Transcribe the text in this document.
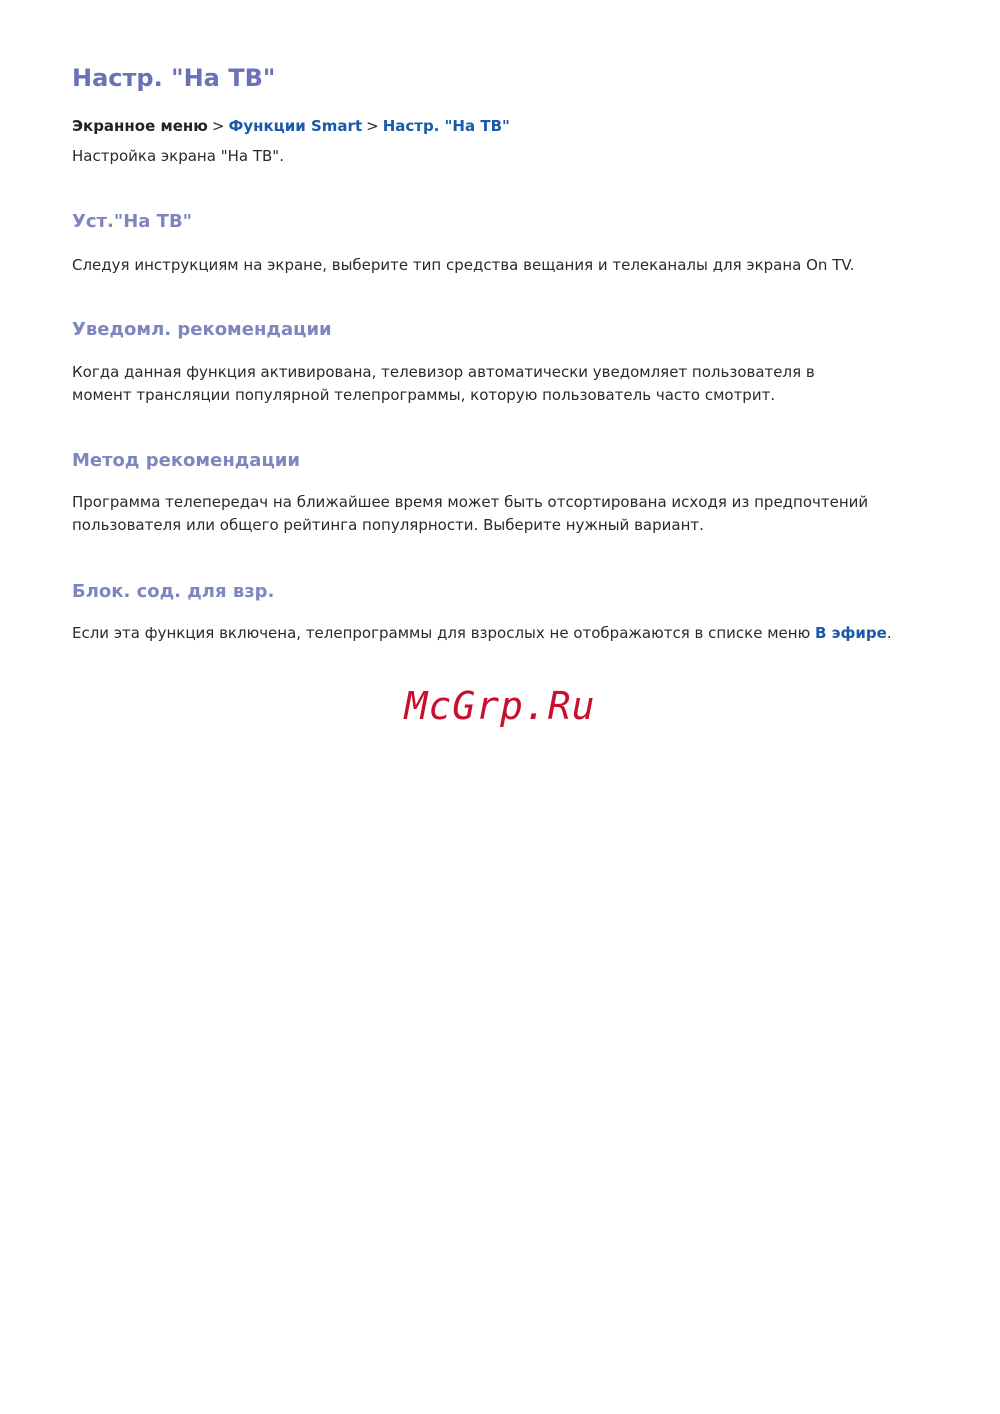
Настр. "На ТВ"
Экранное меню > Функции Smart > Настр. "На ТВ"

Настройка экрана "На ТВ".

Уст."На ТВ"

Следуя инструкциям на экране, выберите тип средства вещания и телеканалы для экрана On TV.

Уведомл. рекомендации

Когда данная функция активирована, телевизор автоматически уведомляет пользователя в момент трансляции популярной телепрограммы, которую пользователь часто смотрит.

Метод рекомендации

Программа телепередач на ближайшее время может быть отсортирована исходя из предпочтений пользователя или общего рейтинга популярности. Выберите нужный вариант.

Блок. сод. для взр.

Если эта функция включена, телепрограммы для взрослых не отображаются в списке меню В эфире.

McGrp.Ru
